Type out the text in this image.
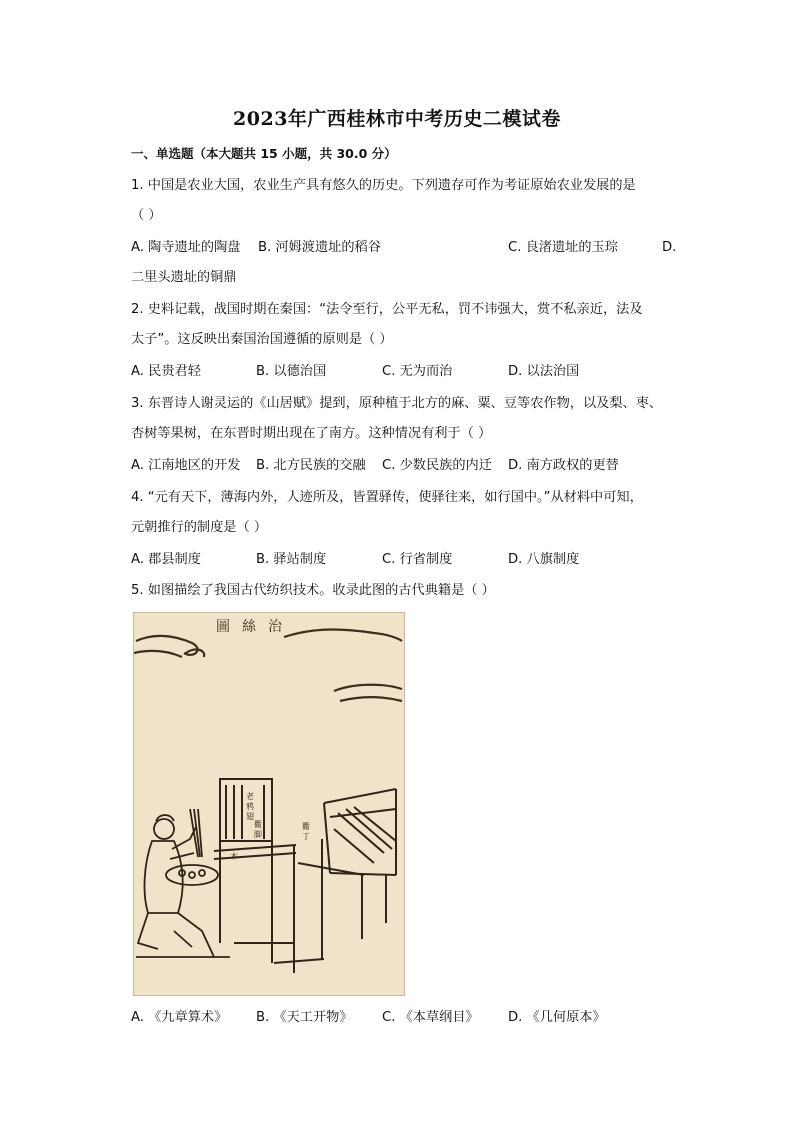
2023年广西桂林市中考历史二模试卷
一、单选题（本大题共 15 小题，共 30.0 分）
1. 中国是农业大国，农业生产具有悠久的历史。下列遗存可作为考证原始农业发展的是
（ ）
A. 陶寺遗址的陶盘 B. 河姆渡遗址的稻谷	C. 良渚遗址的玉琮	D.
二里头遗址的铜鼎
2. 史料记载，战国时期在秦国：“法令至行，公平无私，罚不讳强大，赏不私亲近，法及
太子”。这反映出秦国治国遵循的原则是（ ）
A. 民贵君轻	B. 以德治国	C. 无为而治	D. 以法治国
3. 东晋诗人谢灵运的《山居赋》提到，原种植于北方的麻、粟、豆等农作物，以及梨、枣、
杏树等果树，在东晋时期出现在了南方。这种情况有利于（ ）
A. 江南地区的开发 B. 北方民族的交融 C. 少数民族的内迁 D. 南方政权的更替
4. “元有天下，薄海内外，人迹所及，皆置驿传，使驿往来，如行国中。”从材料中可知，
元朝推行的制度是（ ）
A. 郡县制度	B. 驿站制度	C. 行省制度	D. 八旗制度
5. 如图描绘了我国古代纺织技术。收录此图的古代典籍是（ ）
圖 絲 治
老
鸦
翅
衢
丁
衢
脚
木
A. 《九章算术》 B. 《天工开物》 C. 《本草纲目》 D. 《几何原本》
